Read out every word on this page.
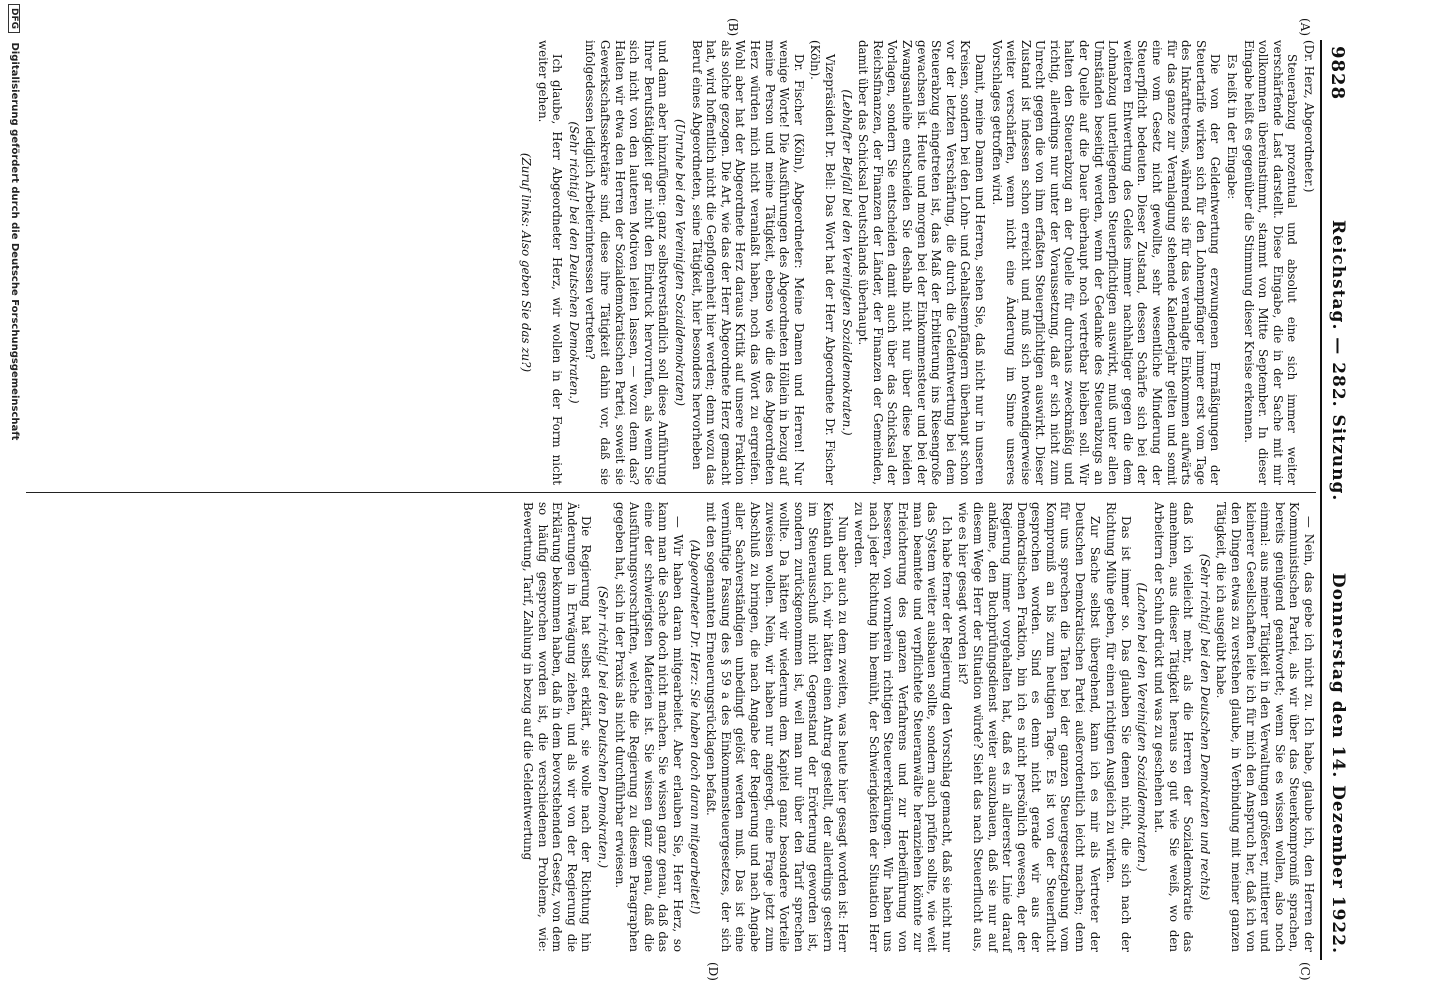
9828
Reichstag. — 282. Sitzung.
Donnerstag den 14. Dezember 1922.
(A)
(B)
(C)
(D)

(Dr. Herz, Abgeordneter.)

Steuerabzug prozentual und absolut eine sich immer weiter verschärfende Last darstellt. Diese Eingabe, die in der Sache mit mir vollkommen übereinstimmt, stammt von Mitte September. In dieser Eingabe heißt es gegenüber die Stimmung dieser Kreise erkennen.

Es heißt in der Eingabe:

Die von der Geldentwertung erzwungenen Ermäßigungen der Steuertarife wirken sich für den Lohnempfänger immer erst vom Tage des Inkrafttretens, während sie für das veranlagte Einkommen aufwärts für das ganze zur Veranlagung stehende Kalenderjahr gelten und somit eine vom Gesetz nicht gewollte, sehr wesentliche Minderung der Steuerpflicht bedeuten. Dieser Zustand, dessen Schärfe sich bei der weiteren Entwertung des Geldes immer nachhaltiger gegen die dem Lohnabzug unterliegenden Steuerpflichtigen auswirkt, muß unter allen Umständen beseitigt werden, wenn der Gedanke des Steuerabzugs an der Quelle auf die Dauer überhaupt noch vertretbar bleiben soll. Wir halten den Steuerabzug an der Quelle für durchaus zweckmäßig und richtig, allerdings nur unter der Voraussetzung, daß er sich nicht zum Unrecht gegen die von ihm erfaßten Steuerpflichtigen auswirkt. Dieser Zustand ist indessen schon erreicht und muß sich notwendigerweise weiter verschärfen, wenn nicht eine Änderung im Sinne unseres Vorschlages getroffen wird.

Damit, meine Damen und Herren, sehen Sie, daß nicht nur in unseren Kreisen, sondern bei den Lohn- und Gehaltsempfängern überhaupt schon vor der letzten Verschärfung, die durch die Geldentwertung bei dem Steuerabzug eingetreten ist, das Maß der Erbitterung ins Riesengroße gewachsen ist. Heute und morgen bei der Einkommensteuer und bei der Zwangsanleihe entscheiden Sie deshalb nicht nur über diese beiden Vorlagen, sondern Sie entscheiden damit auch über das Schicksal der Reichsfinanzen, der Finanzen der Länder, der Finanzen der Gemeinden, damit über das Schicksal Deutschlands überhaupt.

(Lebhafter Beifall bei den Vereinigten Sozialdemokraten.)

Vizepräsident Dr. Bell: Das Wort hat der Herr Abgeordnete Dr. Fischer (Köln).

Dr. Fischer (Köln), Abgeordneter: Meine Damen und Herren! Nur wenige Worte! Die Ausführungen des Abgeordneten Höllein in bezug auf meine Person und meine Tätigkeit, ebenso wie die des Abgeordneten Herz würden mich nicht veranlaßt haben, noch das Wort zu ergreifen. Wohl aber hat der Abgeordnete Herz daraus Kritik auf unsere Fraktion als solche gezogen. Die Art, wie das der Herr Abgeordnete Herz gemacht hat, wird hoffentlich nicht die Gepflogenheit hier werden; denn wozu das Beruf eines Abgeordneten, seine Tätigkeit, hier besonders hervorheben

(Unruhe bei den Vereinigten Sozialdemokraten)

und dann aber hinzufügen: ganz selbstverständlich soll diese Anführung Ihrer Berufstätigkeit gar nicht den Eindruck hervorrufen, als wenn Sie sich nicht von den lauteren Motiven leiten lassen, — wozu denn das? Halten wir etwa den Herren der Sozialdemokratischen Partei, soweit sie Gewerkschaftssekretäre sind, diese ihre Tätigkeit dahin vor, daß sie infolgedessen lediglich Arbeiterinteressen vertreten?

(Sehr richtig! bei den Deutschen Demokraten.)

Ich glaube, Herr Abgeordneter Herz, wir wollen in der Form nicht weiter gehen.

(Zuruf links: Also geben Sie das zu?)

— Nein, das gebe ich nicht zu. Ich habe, glaube ich, den Herren der Kommunistischen Partei, als wir über das Steuerkompromiß sprachen, bereits genügend geantwortet; wenn Sie es wissen wollen, also noch einmal: aus meiner Tätigkeit in den Verwaltungen größerer, mittlerer und kleinerer Gesellschaften leite ich für mich den Anspruch her, daß ich von den Dingen etwas zu verstehen glaube, in Verbindung mit meiner ganzen Tätigkeit, die ich ausgeübt habe.

(Sehr richtig! bei den Deutschen Demokraten und rechts)

daß ich vielleicht mehr, als die Herren der Sozialdemokratie das annehmen, aus dieser Tätigkeit heraus so gut wie Sie weiß, wo den Arbeitern der Schuh drückt und was zu geschehen hat.

(Lachen bei den Vereinigten Sozialdemokraten.)

Das ist immer so. Das glauben Sie denen nicht, die sich nach der Richtung Mühe geben, für einen richtigen Ausgleich zu wirken.

Zur Sache selbst übergehend, kann ich es mir als Vertreter der Deutschen Demokratischen Partei außerordentlich leicht machen; denn für uns sprechen die Taten bei der ganzen Steuergesetzgebung vom Kompromiß an bis zum heutigen Tage. Es ist von der Steuerflucht gesprochen worden. Sind es denn nicht gerade wir aus der Demokratischen Fraktion, bin ich es nicht persönlich gewesen, der der Regierung immer vorgehalten hat, daß es in allererster Linie darauf ankäme, den Buchprüfungsdienst weiter auszubauen, daß sie nur auf diesem Wege Herr der Situation würde? Sieht das nach Steuerflucht aus, wie es hier gesagt worden ist?

Ich habe ferner der Regierung den Vorschlag gemacht, daß sie nicht nur das System weiter ausbauen sollte, sondern auch prüfen sollte, wie weit man beamtete und verpflichtete Steueranwälte heranziehen könnte zur Erleichterung des ganzen Verfahrens und zur Herbeiführung von besseren, von vornherein richtigen Steuererklärungen. Wir haben uns nach jeder Richtung hin bemüht, der Schwierigkeiten der Situation Herr zu werden.

Nun aber auch zu dem zweiten, was heute hier gesagt worden ist: Herr Keinath und ich, wir hätten einen Antrag gestellt, der allerdings gestern im Steuerausschuß nicht Gegenstand der Erörterung geworden ist, sondern zurückgenommen ist, weil man nur über den Tarif sprechen wollte. Da hätten wir wiederum dem Kapitel ganz besondere Vorteile zuweisen wollen. Nein, wir haben nur angeregt, eine Frage jetzt zum Abschluß zu bringen, die nach Angabe der Regierung und nach Angabe aller Sachverständigen unbedingt gelöst werden muß. Das ist eine vernünftige Fassung des § 59 a des Einkommensteuergesetzes, der sich mit den sogenannten Erneuerungsrücklagen befaßt.

(Abgeordneter Dr. Herz: Sie haben doch daran mitgearbeitet!)

— Wir haben daran mitgearbeitet. Aber erlauben Sie, Herr Herz, so kann man die Sache doch nicht machen. Sie wissen ganz genau, daß das eine der schwierigsten Materien ist. Sie wissen ganz genau, daß die Ausführungsvorschriften, welche die Regierung zu diesem Paragraphen gegeben hat, sich in der Praxis als nicht durchführbar erwiesen.

(Sehr richtig! bei den Deutschen Demokraten.)

Die Regierung hat selbst erklärt, sie wolle nach der Richtung hin Änderungen in Erwägung ziehen, und als wir von der Regierung die Erklärung bekommen haben, daß in dem bevorstehenden Gesetz, von dem so häufig gesprochen worden ist, die verschiedenen Probleme, wie: Bewertung, Tarif, Zahlung in bezug auf die Geldentwertung

DFG Digitalisierung gefördert durch die Deutsche Forschungsgemeinschaft
